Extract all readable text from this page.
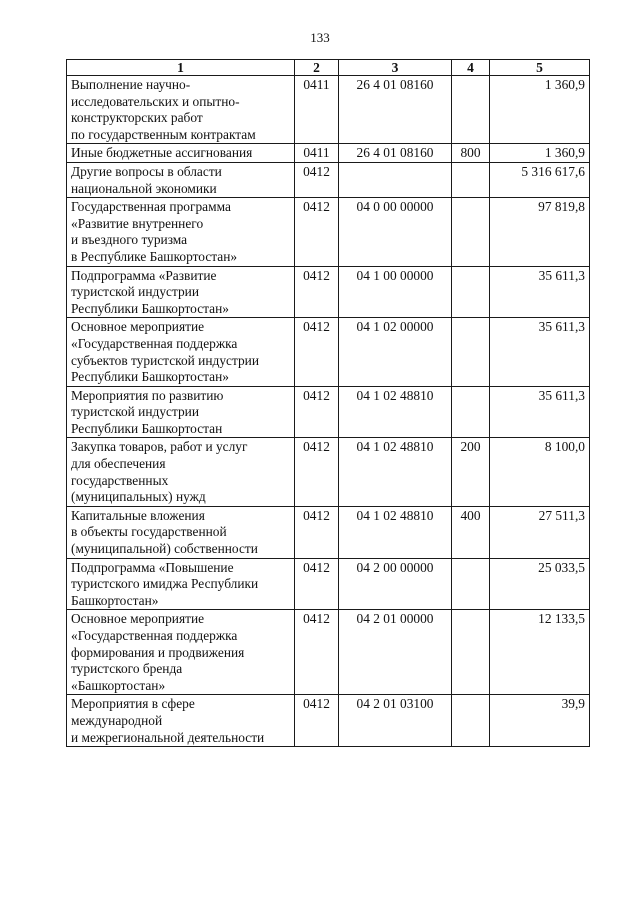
133
1	2	3	4	5
Выполнение научно-
исследовательских и опытно-
конструкторских работ
по государственным контрактам	0411	26 4 01 08160		1 360,9
Иные бюджетные ассигнования	0411	26 4 01 08160	800	1 360,9
Другие вопросы в области
национальной экономики	0412			5 316 617,6
Государственная программа
«Развитие внутреннего
и въездного туризма
в Республике Башкортостан»	0412	04 0 00 00000		97 819,8
Подпрограмма «Развитие
туристской индустрии
Республики Башкортостан»	0412	04 1 00 00000		35 611,3
Основное мероприятие
«Государственная поддержка
субъектов туристской индустрии
Республики Башкортостан»	0412	04 1 02 00000		35 611,3
Мероприятия по развитию
туристской индустрии
Республики Башкортостан	0412	04 1 02 48810		35 611,3
Закупка товаров, работ и услуг
для обеспечения
государственных
(муниципальных) нужд	0412	04 1 02 48810	200	8 100,0
Капитальные вложения
в объекты государственной
(муниципальной) собственности	0412	04 1 02 48810	400	27 511,3
Подпрограмма «Повышение
туристского имиджа Республики
Башкортостан»	0412	04 2 00 00000		25 033,5
Основное мероприятие
«Государственная поддержка
формирования и продвижения
туристского бренда
«Башкортостан»	0412	04 2 01 00000		12 133,5
Мероприятия в сфере
международной
и межрегиональной деятельности	0412	04 2 01 03100		39,9
